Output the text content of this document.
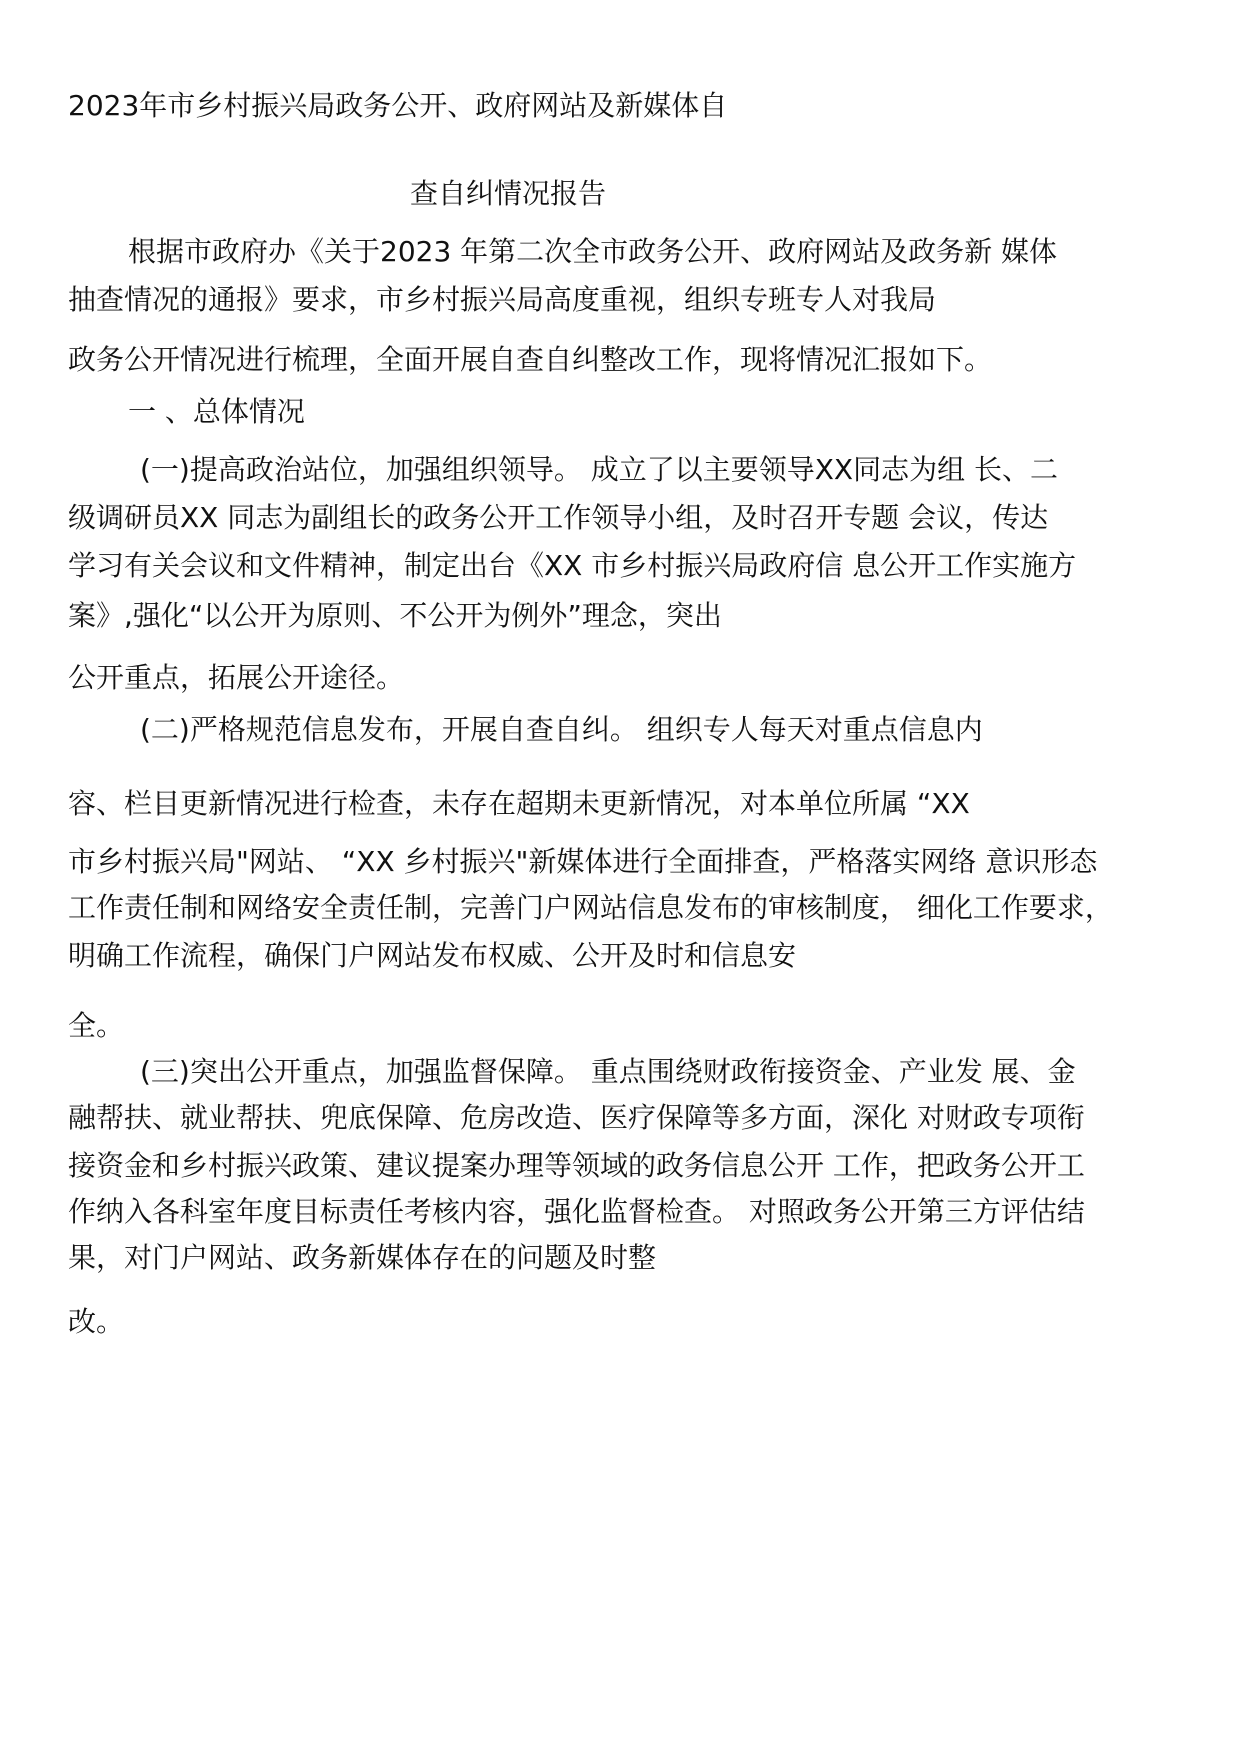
2023年市乡村振兴局政务公开、政府网站及新媒体自

查自纠情况报告

根据市政府办《关于2023 年第二次全市政务公开、政府网站及政务新 媒体

抽查情况的通报》要求，市乡村振兴局高度重视，组织专班专人对我局

政务公开情况进行梳理，全面开展自查自纠整改工作，现将情况汇报如下。

一 、总体情况

(一)提高政治站位，加强组织领导。 成立了以主要领导XX同志为组 长、二

级调研员XX 同志为副组长的政务公开工作领导小组，及时召开专题 会议，传达

学习有关会议和文件精神，制定出台《XX 市乡村振兴局政府信 息公开工作实施方

案》,强化“以公开为原则、不公开为例外”理念，突出

公开重点，拓展公开途径。

(二)严格规范信息发布，开展自查自纠。 组织专人每天对重点信息内

容、栏目更新情况进行检查，未存在超期未更新情况，对本单位所属 “XX

市乡村振兴局"网站、 “XX 乡村振兴"新媒体进行全面排查，严格落实网络 意识形态

工作责任制和网络安全责任制，完善门户网站信息发布的审核制度， 细化工作要求，

明确工作流程，确保门户网站发布权威、公开及时和信息安

全。

(三)突出公开重点，加强监督保障。 重点围绕财政衔接资金、产业发 展、金

融帮扶、就业帮扶、兜底保障、危房改造、医疗保障等多方面，深化 对财政专项衔

接资金和乡村振兴政策、建议提案办理等领域的政务信息公开 工作，把政务公开工

作纳入各科室年度目标责任考核内容，强化监督检查。 对照政务公开第三方评估结

果，对门户网站、政务新媒体存在的问题及时整

改。
